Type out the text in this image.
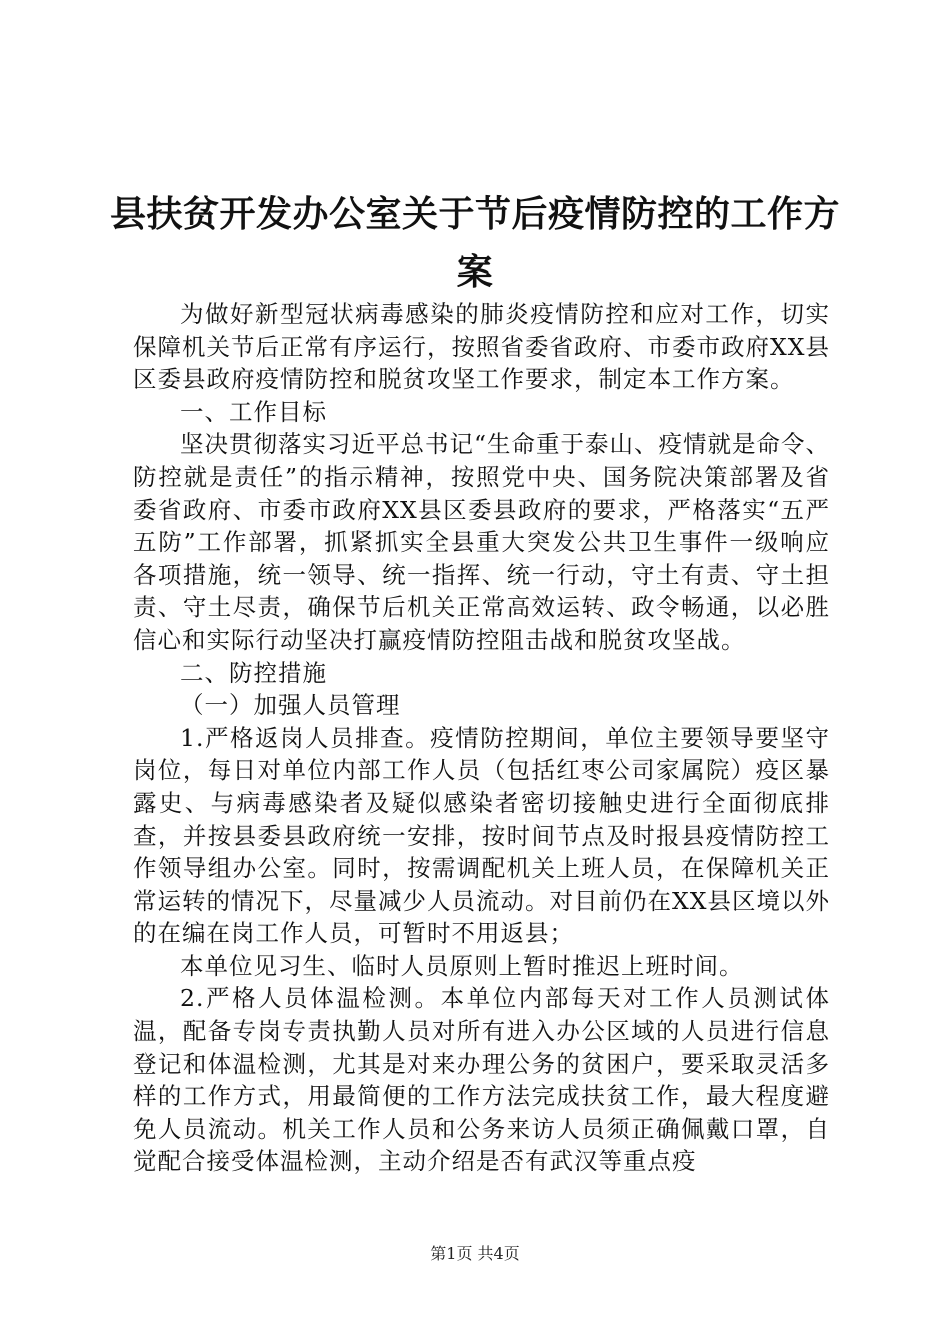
县扶贫开发办公室关于节后疫情防控的工作方案

为做好新型冠状病毒感染的肺炎疫情防控和应对工作，切实保障机关节后正常有序运行，按照省委省政府、市委市政府XX县区委县政府疫情防控和脱贫攻坚工作要求，制定本工作方案。

一、工作目标

坚决贯彻落实习近平总书记“生命重于泰山、疫情就是命令、防控就是责任”的指示精神，按照党中央、国务院决策部署及省委省政府、市委市政府XX县区委县政府的要求，严格落实“五严五防”工作部署，抓紧抓实全县重大突发公共卫生事件一级响应各项措施，统一领导、统一指挥、统一行动，守土有责、守土担责、守土尽责，确保节后机关正常高效运转、政令畅通，以必胜信心和实际行动坚决打赢疫情防控阻击战和脱贫攻坚战。

二、防控措施

（一）加强人员管理

1.严格返岗人员排查。疫情防控期间，单位主要领导要坚守岗位，每日对单位内部工作人员（包括红枣公司家属院）疫区暴露史、与病毒感染者及疑似感染者密切接触史进行全面彻底排查，并按县委县政府统一安排，按时间节点及时报县疫情防控工作领导组办公室。同时，按需调配机关上班人员，在保障机关正常运转的情况下，尽量减少人员流动。对目前仍在XX县区境以外的在编在岗工作人员，可暂时不用返县；

本单位见习生、临时人员原则上暂时推迟上班时间。

2.严格人员体温检测。本单位内部每天对工作人员测试体温，配备专岗专责执勤人员对所有进入办公区域的人员进行信息登记和体温检测，尤其是对来办理公务的贫困户，要采取灵活多样的工作方式，用最简便的工作方法完成扶贫工作，最大程度避免人员流动。机关工作人员和公务来访人员须正确佩戴口罩，自觉配合接受体温检测，主动介绍是否有武汉等重点疫

第1页 共4页
